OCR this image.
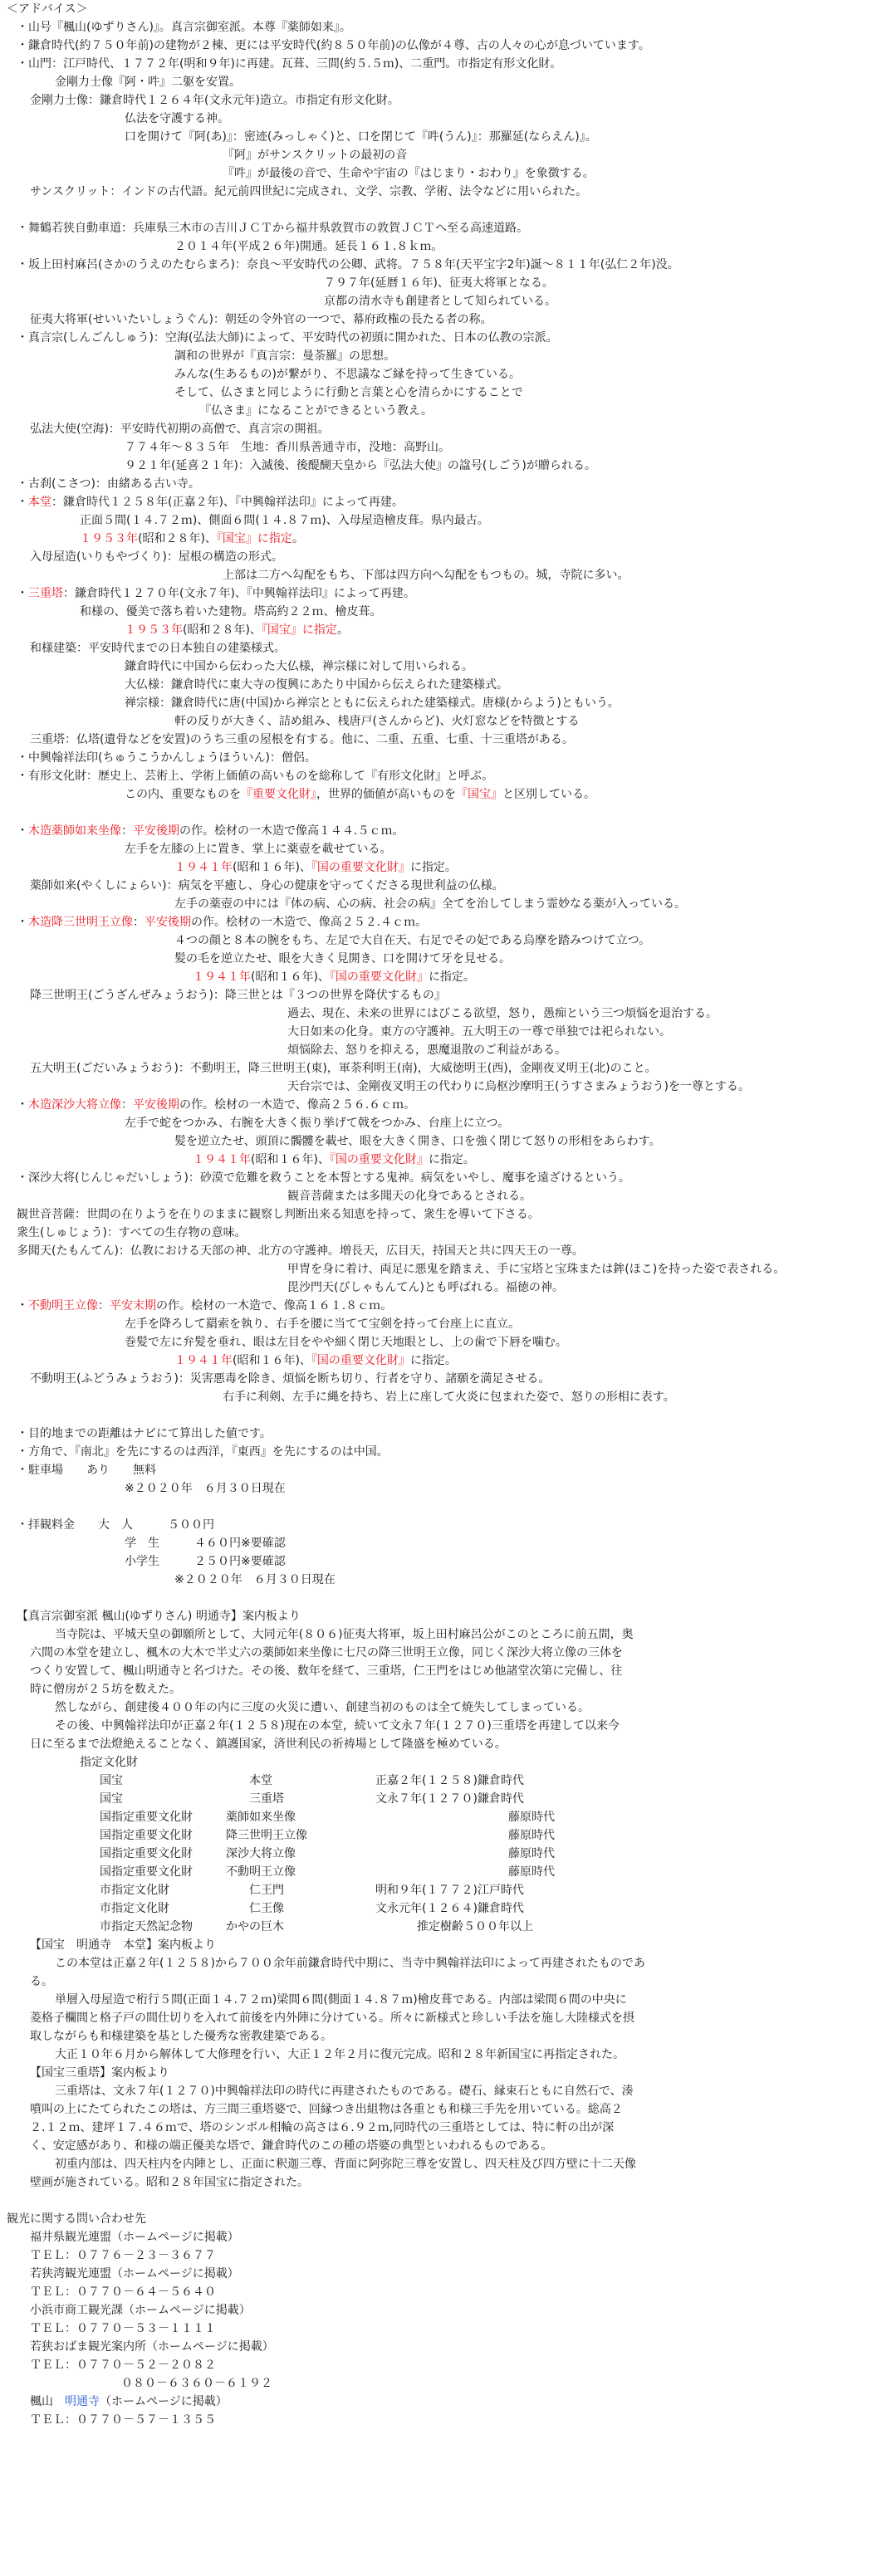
＜アドバイス＞
・山号『楓山(ゆずりさん)』。真言宗御室派。本尊『薬師如来』。
・鎌倉時代(約７５０年前)の建物が２棟、更には平安時代(約８５０年前)の仏像が４尊、古の人々の心が息づいています。
・山門：江戸時代、１７７２年(明和９年)に再建。瓦葺、三間(約５.５ｍ)、二重門。市指定有形文化財。
金剛力士像『阿・吽』二躯を安置。
金剛力士像：鎌倉時代１２６４年(文永元年)造立。市指定有形文化財。
仏法を守護する神。
口を開けて『阿(あ)』：密迹(みっしゃく)と、口を閉じて『吽(うん)』：那羅延(ならえん)』。
『阿』がサンスクリットの最初の音
『吽』が最後の音で、生命や宇宙の『はじまり・おわり』を象徴する。
サンスクリット：インドの古代語。紀元前四世紀に完成され、文学、宗教、学術、法令などに用いられた。
・舞鶴若狭自動車道：兵庫県三木市の吉川ＪＣＴから福井県敦賀市の敦賀ＪＣＴへ至る高速道路。
２０１４年(平成２６年)開通。延長１６１.８ｋｍ。
・坂上田村麻呂(さかのうえのたむらまろ)：奈良～平安時代の公卿、武将。７５８年(天平宝字2年)誕～８１１年(弘仁２年)没。
７９７年(延暦１６年)、征夷大将軍となる。
京都の清水寺も創建者として知られている。
征夷大将軍(せいいたいしょうぐん)：朝廷の令外官の一つで、幕府政権の長たる者の称。
・真言宗(しんごんしゅう)：空海(弘法大師)によって、平安時代の初頭に開かれた、日本の仏教の宗派。
調和の世界が『真言宗：曼荼羅』の思想。
みんな(生あるもの)が繋がり、不思議なご縁を持って生きている。
そして、仏さまと同じように行動と言葉と心を清らかにすることで
『仏さま』になることができるという教え。
弘法大使(空海)：平安時代初期の高僧で、真言宗の開祖。
７７４年～８３５年　生地：香川県善通寺市，没地：高野山。
９２１年(延喜２１年)：入滅後、後醍醐天皇から『弘法大使』の諡号(しごう)が贈られる。
・古刹(こさつ)：由緒ある古い寺。
・本堂：鎌倉時代１２５８年(正嘉２年)、『中興翰祥法印』によって再建。
正面５間(１４.７２ｍ)、側面６間(１４.８７ｍ)、入母屋造檜皮葺。県内最古。
１９５３年(昭和２８年)、『国宝』に指定。
入母屋造(いりもやづくり)：屋根の構造の形式。
上部は二方へ勾配をもち、下部は四方向へ勾配をもつもの。城，寺院に多い。
・三重塔：鎌倉時代１２７０年(文永７年)、『中興翰祥法印』によって再建。
和様の、優美で落ち着いた建物。塔高約２２ｍ、檜皮葺。
１９５３年(昭和２８年)、『国宝』に指定。
和様建築：平安時代までの日本独自の建築様式。
鎌倉時代に中国から伝わった大仏様，禅宗様に対して用いられる。
大仏様：鎌倉時代に東大寺の復興にあたり中国から伝えられた建築様式。
禅宗様：鎌倉時代に唐(中国)から禅宗とともに伝えられた建築様式。唐様(からよう)ともいう。
軒の反りが大きく、詰め組み、桟唐戸(さんからど)、火灯窓などを特徴とする
三重塔：仏塔(遺骨などを安置)のうち三重の屋根を有する。他に、二重、五重、七重、十三重塔がある。
・中興翰祥法印(ちゅうこうかんしょうほういん)：僧侶。
・有形文化財：歴史上、芸術上、学術上価値の高いものを総称して『有形文化財』と呼ぶ。
この内、重要なものを『重要文化財』，世界的価値が高いものを『国宝』と区別している。
・木造薬師如来坐像：平安後期の作。桧材の一木造で像高１４４.５ｃｍ。
左手を左膝の上に置き、掌上に薬壺を載せている。
１９４１年(昭和１６年)、『国の重要文化財』に指定。
薬師如来(やくしにょらい)：病気を平癒し、身心の健康を守ってくださる現世利益の仏様。
左手の薬壺の中には『体の病、心の病、社会の病』全てを治してしまう霊妙なる薬が入っている。
・木造降三世明王立像：平安後期の作。桧材の一木造で、像高２５２.４ｃｍ。
４つの顔と８本の腕をもち、左足で大自在天、右足でその妃である烏摩を踏みつけて立つ。
髪の毛を逆立たせ、眼を大きく見開き、口を開けて牙を見せる。
１９４１年(昭和１６年)、『国の重要文化財』に指定。
降三世明王(ごうざんぜみょうおう)：降三世とは『３つの世界を降伏するもの』
過去、現在、未来の世界にはびこる欲望，怒り，愚痴という三つ煩悩を退治する。
大日如来の化身。東方の守護神。五大明王の一尊で単独では祀られない。
煩悩除去、怒りを抑える，悪魔退散のご利益がある。
五大明王(ごだいみょうおう)：不動明王，降三世明王(東)，軍荼利明王(南)，大威徳明王(西)，金剛夜叉明王(北)のこと。
天台宗では、金剛夜叉明王の代わりに烏枢沙摩明王(うすさまみょうおう)を一尊とする。
・木造深沙大将立像：平安後期の作。桧材の一木造で、像高２５６.６ｃｍ。
左手で蛇をつかみ、右腕を大きく振り挙げて戟をつかみ、台座上に立つ。
髪を逆立たせ、頭頂に髑髏を載せ、眼を大きく開き、口を強く閉じて怒りの形相をあらわす。
１９４１年(昭和１６年)、『国の重要文化財』に指定。
・深沙大将(じんじゃだいしょう)：砂漠で危難を救うことを本誓とする鬼神。病気をいやし、魔事を遠ざけるという。
観音菩薩または多聞天の化身であるとされる。
観世音菩薩：世間の在りようを在りのままに観察し判断出来る知恵を持って、衆生を導いて下さる。
衆生(しゅじょう)：すべての生存物の意味。
多聞天(たもんてん)：仏教における天部の神、北方の守護神。増長天，広目天，持国天と共に四天王の一尊。
甲冑を身に着け、両足に悪鬼を踏まえ、手に宝塔と宝珠または鉾(ほこ)を持った姿で表される。
毘沙門天(びしゃもんてん)とも呼ばれる。福徳の神。
・不動明王立像：平安末期の作。桧材の一木造で、像高１６１.８ｃｍ。
左手を降ろして羂索を執り、右手を腰に当てて宝剣を持って台座上に直立。
巻髪で左に弁髪を垂れ、眼は左目をやや細く閉じ天地眼とし、上の歯で下唇を噛む。
１９４１年(昭和１６年)、『国の重要文化財』に指定。
不動明王(ふどうみょうおう)：災害悪毒を除き、煩悩を断ち切り、行者を守り、諸願を満足させる。
右手に利剣、左手に縄を持ち、岩上に座して火炎に包まれた姿で、怒りの形相に表す。
・目的地までの距離はナビにて算出した値です。
・方角で、『南北』を先にするのは西洋，『東西』を先にするのは中国。
・駐車場　　あり　　無料
※２０２０年　６月３０日現在
・拝観料金　　大　人　　　５００円
学　生　　　４６０円※要確認
小学生　　　２５０円※要確認
※２０２０年　６月３０日現在
【真言宗御室派 楓山(ゆずりさん) 明通寺】案内板より
当寺院は、平城天皇の御願所として、大同元年(８０６)征夷大将軍，坂上田村麻呂公がこのところに前五間，奥
六間の本堂を建立し、楓木の大木で半丈六の薬師如来坐像に七尺の降三世明王立像，同じく深沙大将立像の三体を
つくり安置して、楓山明通寺と名づけた。その後、数年を経て、三重塔，仁王門をはじめ他諸堂次第に完備し、往
時に僧房が２５坊を数えた。
然しながら、創建後４００年の内に三度の火災に遭い、創建当初のものは全て焼失してしまっている。
その後、中興翰祥法印が正嘉２年(１２５８)現在の本堂，続いて文永７年(１２７０)三重塔を再建して以来今
日に至るまで法燈絶えることなく、鎮護国家，済世利民の祈祷場として隆盛を極めている。
指定文化財
国宝	本堂	正嘉２年(１２５８)鎌倉時代
国宝	三重塔	文永７年(１２７０)鎌倉時代
国指定重要文化財	薬師如来坐像	藤原時代
国指定重要文化財	降三世明王立像	藤原時代
国指定重要文化財	深沙大将立像	藤原時代
国指定重要文化財	不動明王立像	藤原時代
市指定文化財	仁王門	明和９年(１７７２)江戸時代
市指定文化財	仁王像	文永元年(１２６４)鎌倉時代
市指定天然記念物	かやの巨木	推定樹齢５００年以上
【国宝　明通寺　本堂】案内板より
この本堂は正嘉２年(１２５８)から７００余年前鎌倉時代中期に、当寺中興翰祥法印によって再建されたものであ
る。
単層入母屋造で桁行５間(正面１４.７２ｍ)梁間６間(側面１４.８７ｍ)檜皮葺である。内部は梁間６間の中央に
菱格子欄間と格子戸の間仕切りを入れて前後を内外陣に分けている。所々に新様式と珍しい手法を施し大陸様式を摂
取しながらも和様建築を基とした優秀な密教建築である。
大正１０年６月から解体して大修理を行い、大正１２年２月に復元完成。昭和２８年新国宝に再指定された。
【国宝三重塔】案内板より
三重塔は、文永７年(１２７０)中興翰祥法印の時代に再建されたものである。礎石、縁束石ともに自然石で、湊
噴叫の上にたてられたこの塔は、方三間三重塔婆で、回縁つき出組物は各重とも和様三手先を用いている。総高２
２.１２ｍ、建坪１７.４６ｍで、塔のシンボル相輪の高さは６.９２ｍ,同時代の三重塔としては、特に軒の出が深
く、安定感があり、和様の端正優美な塔で、鎌倉時代のこの種の塔婆の典型といわれるものである。
初重内部は、四天柱内を内陣とし、正面に釈迦三尊、背面に阿弥陀三尊を安置し、四天柱及び四方壁に十二天像
壁画が施されている。昭和２８年国宝に指定された。
観光に関する問い合わせ先
福井県観光連盟（ホームページに掲載）
ＴＥＬ：０７７６－２３－３６７７
若狭湾観光連盟（ホームページに掲載）
ＴＥＬ：０７７０－６４－５６４０
小浜市商工観光課（ホームページに掲載）
ＴＥＬ：０７７０－５３－１１１１
若狭おばま観光案内所（ホームページに掲載）
ＴＥＬ：０７７０－５２－２０８２
０８０－６３６０－６１９２
楓山　明通寺（ホームページに掲載）
ＴＥＬ：０７７０－５７－１３５５
